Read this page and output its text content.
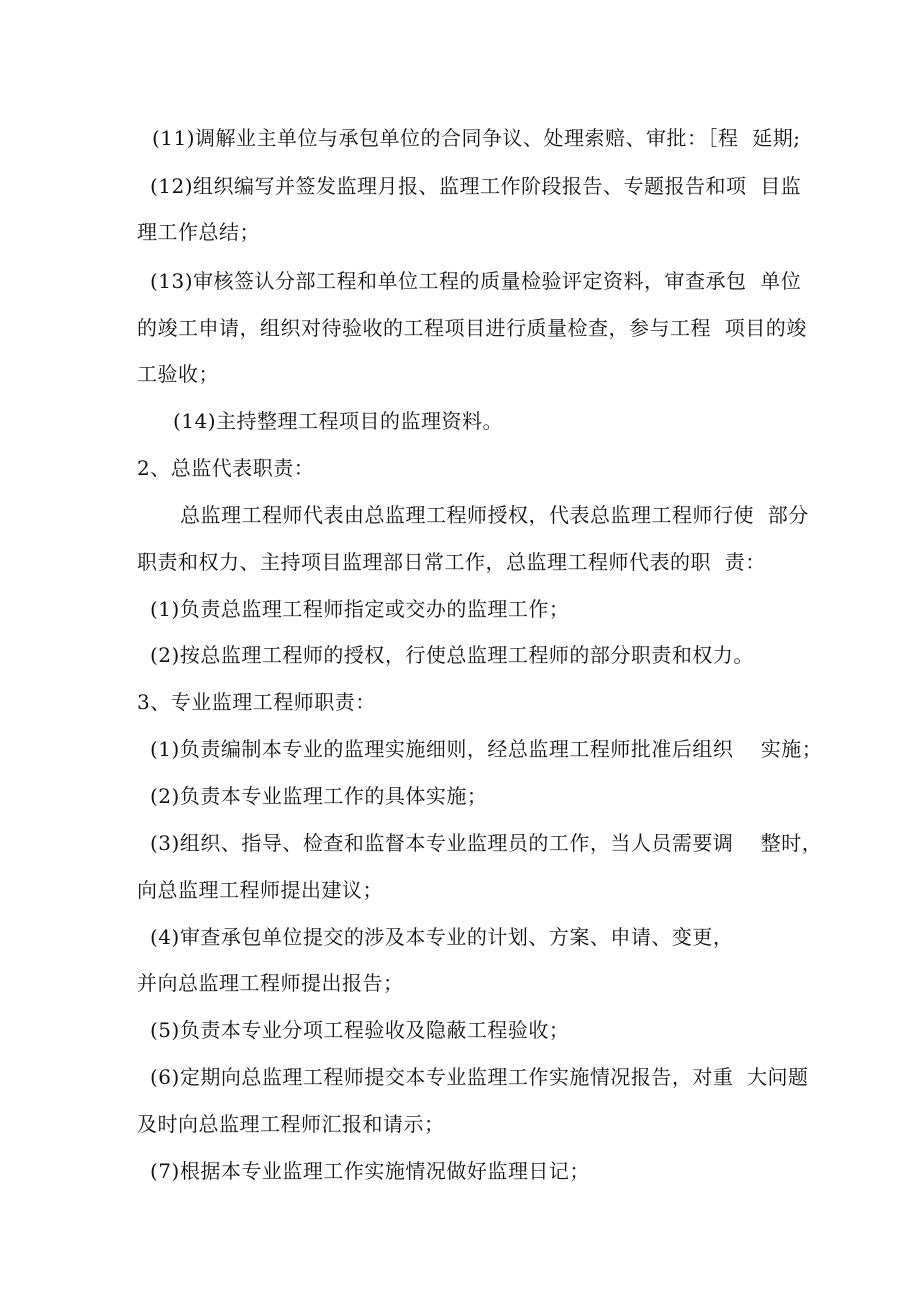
(11)调解业主单位与承包单位的合同争议、处理索赔、审批：［程  延期;
(12)组织编写并签发监理月报、监理工作阶段报告、专题报告和项  目监
理工作总结；
(13)审核签认分部工程和单位工程的质量检验评定资料，审查承包  单位
的竣工申请，组织对待验收的工程项目进行质量检查，参与工程  项目的竣
工验收；
(14)主持整理工程项目的监理资料。
2、总监代表职责：
总监理工程师代表由总监理工程师授权，代表总监理工程师行使  部分
职责和权力、主持项目监理部日常工作，总监理工程师代表的职  责：
(1)负责总监理工程师指定或交办的监理工作；
(2)按总监理工程师的授权，行使总监理工程师的部分职责和权力。
3、专业监理工程师职责：
(1)负责编制本专业的监理实施细则，经总监理工程师批准后组织    实施；
(2)负责本专业监理工作的具体实施；
(3)组织、指导、检查和监督本专业监理员的工作，当人员需要调    整时，
向总监理工程师提出建议；
(4)审查承包单位提交的涉及本专业的计划、方案、申请、变更，
并向总监理工程师提出报告；
(5)负责本专业分项工程验收及隐蔽工程验收；
(6)定期向总监理工程师提交本专业监理工作实施情况报告，对重  大问题
及时向总监理工程师汇报和请示；
(7)根据本专业监理工作实施情况做好监理日记；
